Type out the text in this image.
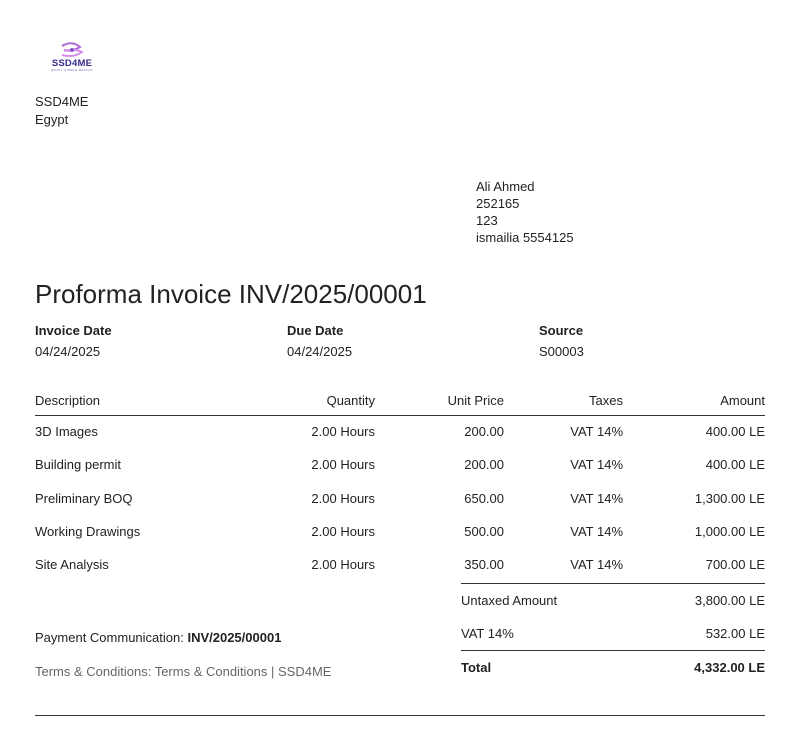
SSD4ME
ENJOY SIMPLE DESIGN
SSD4ME
Egypt
Ali Ahmed
252165
123
ismailia 5554125
Proforma Invoice INV/2025/00001
Invoice Date
04/24/2025
Due Date
04/24/2025
Source
S00003
Description	Quantity	Unit Price	Taxes	Amount
3D Images	2.00 Hours	200.00	VAT 14%	400.00 LE
Building permit	2.00 Hours	200.00	VAT 14%	400.00 LE
Preliminary BOQ	2.00 Hours	650.00	VAT 14%	1,300.00 LE
Working Drawings	2.00 Hours	500.00	VAT 14%	1,000.00 LE
Site Analysis	2.00 Hours	350.00	VAT 14%	700.00 LE
Untaxed Amount	3,800.00 LE
VAT 14%	532.00 LE
Total	4,332.00 LE
Payment Communication: INV/2025/00001
Terms & Conditions: Terms & Conditions | SSD4ME
